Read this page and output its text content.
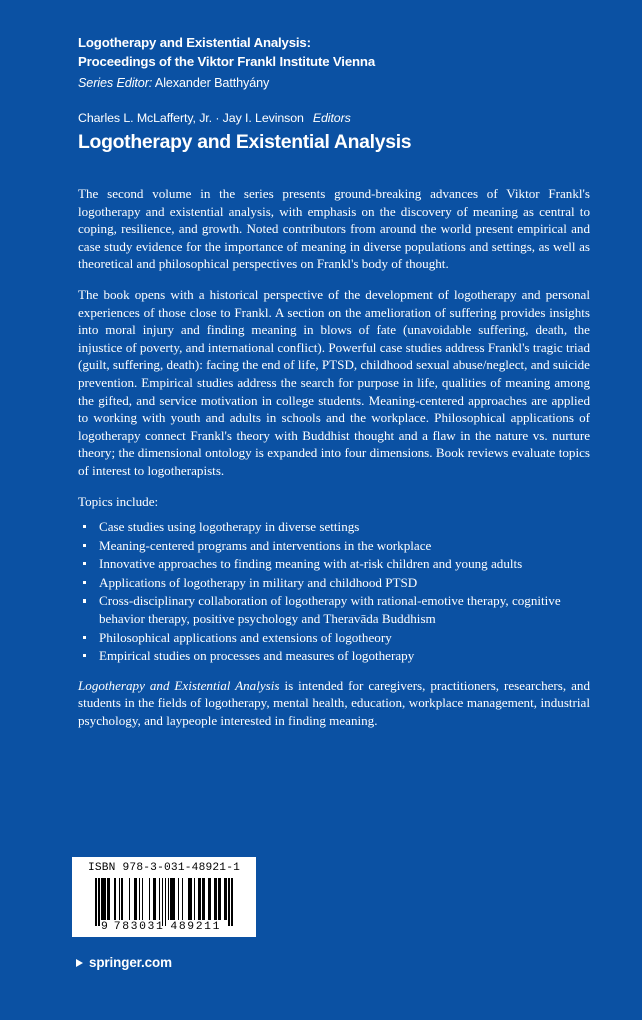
Logotherapy and Existential Analysis:
Proceedings of the Viktor Frankl Institute Vienna
Series Editor: Alexander Batthyány
Charles L. McLafferty, Jr. · Jay I. Levinson Editors
Logotherapy and Existential Analysis

The second volume in the series presents ground-breaking advances of Viktor Frankl's logotherapy and existential analysis, with emphasis on the discovery of meaning as central to coping, resilience, and growth. Noted contributors from around the world present empirical and case study evidence for the importance of meaning in diverse populations and settings, as well as theoretical and philosophical perspectives on Frankl's body of thought.

The book opens with a historical perspective of the development of logotherapy and personal experiences of those close to Frankl. A section on the amelioration of suffering provides insights into moral injury and finding meaning in blows of fate (unavoidable suffering, death, the injustice of poverty, and international conflict). Powerful case studies address Frankl's tragic triad (guilt, suffering, death): facing the end of life, PTSD, childhood sexual abuse/neglect, and suicide prevention. Empirical studies address the search for purpose in life, qualities of meaning among the gifted, and service motivation in college students. Meaning-centered approaches are applied to working with youth and adults in schools and the workplace. Philosophical applications of logotherapy connect Frankl's theory with Buddhist thought and a flaw in the nature vs. nurture theory; the dimensional ontology is expanded into four dimensions. Book reviews evaluate topics of interest to logotherapists.

Topics include:

Case studies using logotherapy in diverse settings
Meaning-centered programs and interventions in the workplace
Innovative approaches to finding meaning with at-risk children and young adults
Applications of logotherapy in military and childhood PTSD
Cross-disciplinary collaboration of logotherapy with rational-emotive therapy, cognitive behavior therapy, positive psychology and Theravāda Buddhism
Philosophical applications and extensions of logotheory
Empirical studies on processes and measures of logotherapy

Logotherapy and Existential Analysis is intended for caregivers, practitioners, researchers, and students in the fields of logotherapy, mental health, education, workplace management, industrial psychology, and laypeople interested in finding meaning.

ISBN 978-3-031-48921-1
9 783031 489211
springer.com
